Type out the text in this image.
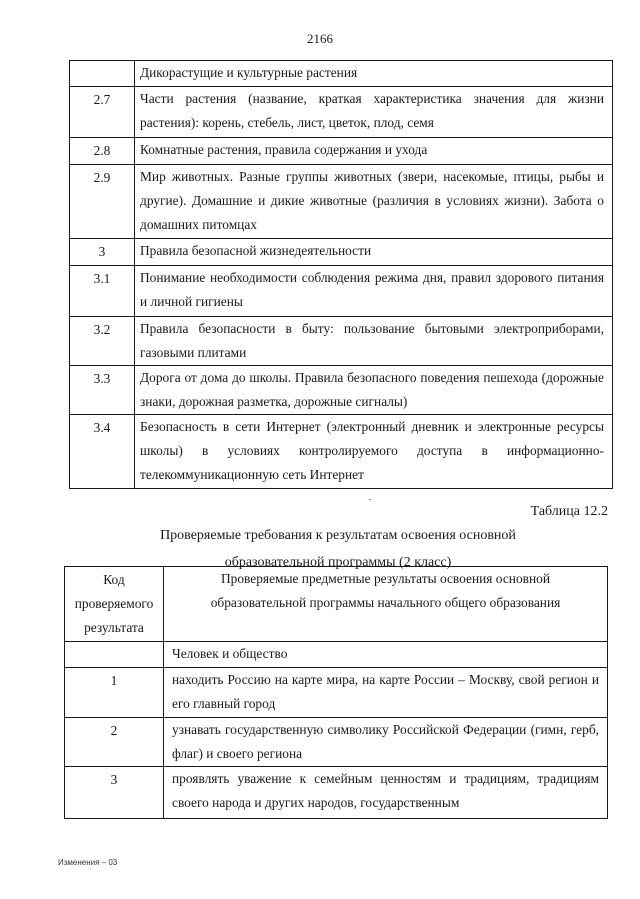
2166
	Дикорастущие и культурные растения
2.7	Части растения (название, краткая характеристика значения для жизни растения): корень, стебель, лист, цветок, плод, семя
2.8	Комнатные растения, правила содержания и ухода
2.9	Мир животных. Разные группы животных (звери, насекомые, птицы, рыбы и другие). Домашние и дикие животные (различия в условиях жизни). Забота о домашних питомцах
3	Правила безопасной жизнедеятельности
3.1	Понимание необходимости соблюдения режима дня, правил здорового питания и личной гигиены
3.2	Правила безопасности в быту: пользование бытовыми электроприборами, газовыми плитами
3.3	Дорога от дома до школы. Правила безопасного поведения пешехода (дорожные знаки, дорожная разметка, дорожные сигналы)
3.4	Безопасность в сети Интернет (электронный дневник и электронные ресурсы школы) в условиях контролируемого доступа в информационно-телекоммуникационную сеть Интернет
Таблица 12.2
Проверяемые требования к результатам освоения основной
образовательной программы (2 класс)
Код проверяемого результата	Проверяемые предметные результаты освоения основной образовательной программы начального общего образования
	Человек и общество
1	находить Россию на карте мира, на карте России – Москву, свой регион и его главный город
2	узнавать государственную символику Российской Федерации (гимн, герб, флаг) и своего региона
3	проявлять уважение к семейным ценностям и традициям, традициям своего народа и других народов, государственным
Изменения – 03
